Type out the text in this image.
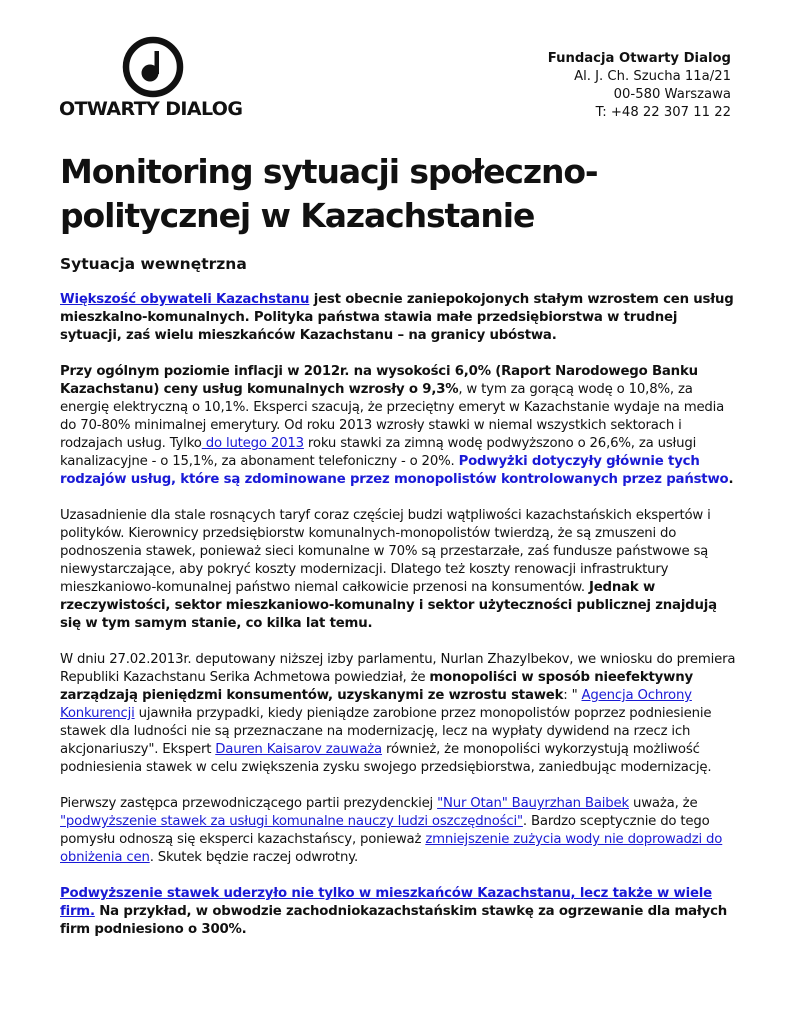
OTWARTY DIALOG
Fundacja Otwarty Dialog
Al. J. Ch. Szucha 11a/21
00-580 Warszawa
T: +48 22 307 11 22
Monitoring sytuacji społeczno-politycznej w Kazachstanie
Sytuacja wewnętrzna

Większość obywateli Kazachstanu jest obecnie zaniepokojonych stałym wzrostem cen usług mieszkalno-komunalnych. Polityka państwa stawia małe przedsiębiorstwa w trudnej sytuacji, zaś wielu mieszkańców Kazachstanu – na granicy ubóstwa.

Przy ogólnym poziomie inflacji w 2012r. na wysokości 6,0% (Raport Narodowego Banku Kazachstanu) ceny usług komunalnych wzrosły o 9,3%, w tym za gorącą wodę o 10,8%, za energię elektryczną o 10,1%. Eksperci szacują, że przeciętny emeryt w Kazachstanie wydaje na media do 70-80% minimalnej emerytury. Od roku 2013 wzrosły stawki w niemal wszystkich sektorach i rodzajach usług. Tylko do lutego 2013 roku stawki za zimną wodę podwyższono o 26,6%, za usługi kanalizacyjne - o 15,1%, za abonament telefoniczny - o 20%. Podwyżki dotyczyły głównie tych rodzajów usług, które są zdominowane przez monopolistów kontrolowanych przez państwo.

Uzasadnienie dla stale rosnących taryf coraz częściej budzi wątpliwości kazachstańskich ekspertów i polityków. Kierownicy przedsiębiorstw komunalnych-monopolistów twierdzą, że są zmuszeni do podnoszenia stawek, ponieważ sieci komunalne w 70% są przestarzałe, zaś fundusze państwowe są niewystarczające, aby pokryć koszty modernizacji. Dlatego też koszty renowacji infrastruktury mieszkaniowo-komunalnej państwo niemal całkowicie przenosi na konsumentów. Jednak w rzeczywistości, sektor mieszkaniowo-komunalny i sektor użyteczności publicznej znajdują się w tym samym stanie, co kilka lat temu.

W dniu 27.02.2013r. deputowany niższej izby parlamentu, Nurlan Zhazylbekov, we wniosku do premiera Republiki Kazachstanu Serika Achmetowa powiedział, że monopoliści w sposób nieefektywny zarządzają pieniędzmi konsumentów, uzyskanymi ze wzrostu stawek: " Agencja Ochrony Konkurencji ujawniła przypadki, kiedy pieniądze zarobione przez monopolistów poprzez podniesienie stawek dla ludności nie są przeznaczane na modernizację, lecz na wypłaty dywidend na rzecz ich akcjonariuszy". Ekspert Dauren Kaisarov zauważa również, że monopoliści wykorzystują możliwość podniesienia stawek w celu zwiększenia zysku swojego przedsiębiorstwa, zaniedbując modernizację.

Pierwszy zastępca przewodniczącego partii prezydenckiej "Nur Otan" Bauyrzhan Baibek uważa, że "podwyższenie stawek za usługi komunalne nauczy ludzi oszczędności". Bardzo sceptycznie do tego pomysłu odnoszą się eksperci kazachstańscy, ponieważ zmniejszenie zużycia wody nie doprowadzi do obniżenia cen. Skutek będzie raczej odwrotny.

Podwyższenie stawek uderzyło nie tylko w mieszkańców Kazachstanu, lecz także w wiele firm. Na przykład, w obwodzie zachodniokazachstańskim stawkę za ogrzewanie dla małych firm podniesiono o 300%.
